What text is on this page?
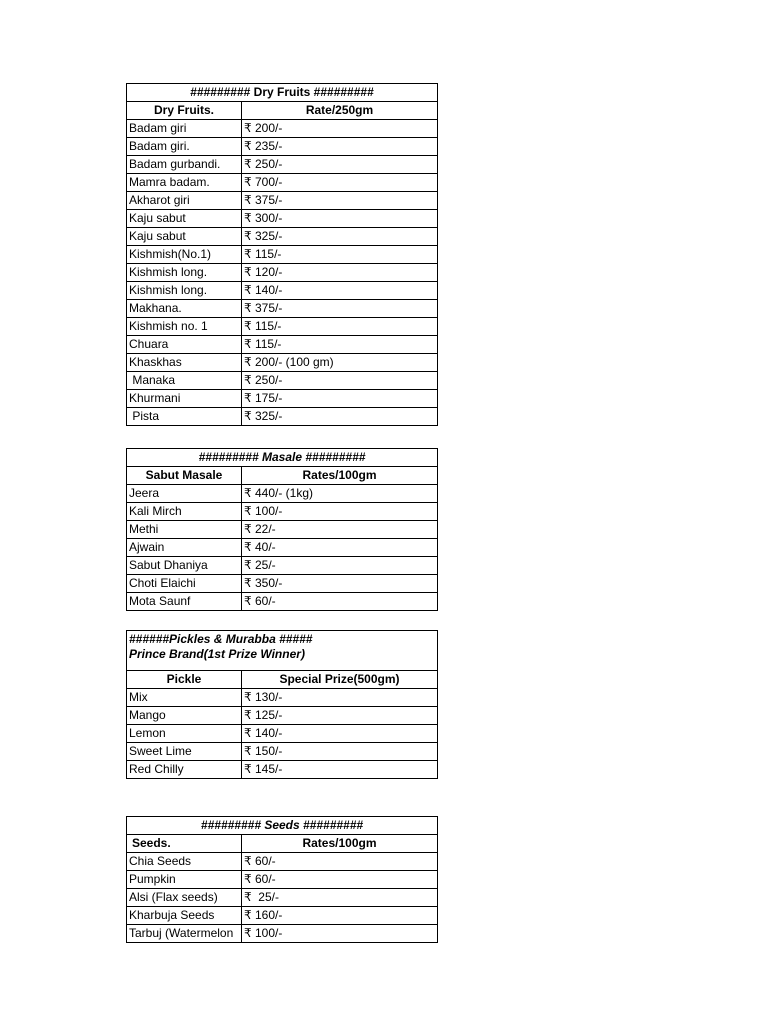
######### Dry Fruits #########	
Dry Fruits.	Rate/250gm
Badam giri	₹ 200/-
Badam giri.	₹ 235/-
Badam gurbandi.	₹ 250/-
Mamra badam.	₹ 700/-
Akharot giri	₹ 375/-
Kaju sabut	₹ 300/-
Kaju sabut	₹ 325/-
Kishmish(No.1)	₹ 115/-
Kishmish long.	₹ 120/-
Kishmish long.	₹ 140/-
Makhana.	₹ 375/-
Kishmish no. 1	₹ 115/-
Chuara	₹ 115/-
Khaskhas	₹ 200/- (100 gm)
Manaka	₹ 250/-
Khurmani	₹ 175/-
Pista	₹ 325/-
######### Masale #########	
Sabut Masale	Rates/100gm
Jeera	₹ 440/- (1kg)
Kali Mirch	₹ 100/-
Methi	₹ 22/-
Ajwain	₹ 40/-
Sabut Dhaniya	₹ 25/-
Choti Elaichi	₹ 350/-
Mota Saunf	₹ 60/-
######Pickles & Murabba #####
Prince Brand(1st Prize Winner)	

Pickle	Special Prize(500gm)
Mix	₹ 130/-
Mango	₹ 125/-
Lemon	₹ 140/-
Sweet Lime	₹ 150/-
Red Chilly	₹ 145/-
######### Seeds #########	
Seeds.	Rates/100gm
Chia Seeds	₹ 60/-
Pumpkin	₹ 60/-
Alsi (Flax seeds)	₹  25/-
Kharbuja Seeds	₹ 160/-
Tarbuj (Watermelon	₹ 100/-
